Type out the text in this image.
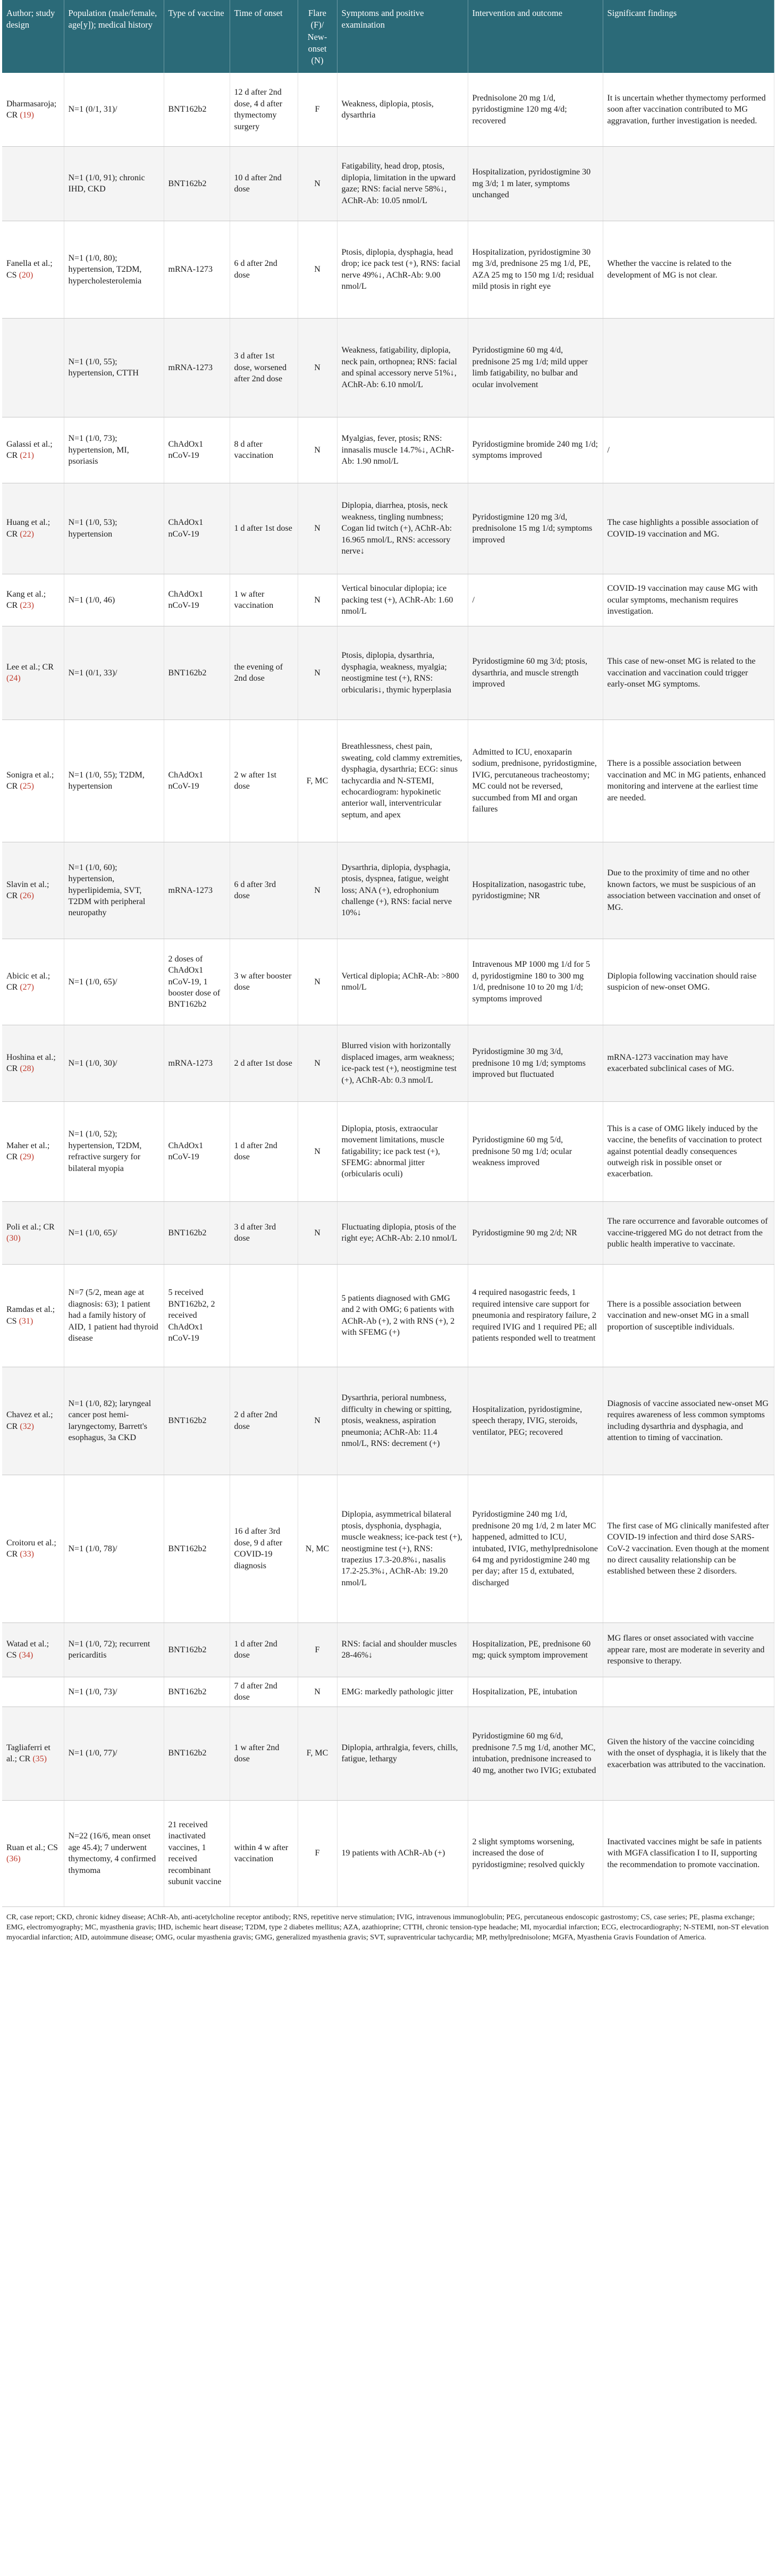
Author; study design	Population (male/female, age[y]); medical history	Type of vaccine	Time of onset	Flare (F)/ New-onset (N)	Symptoms and positive examination	Intervention and outcome	Significant findings
Dharmasaroja; CR (19)	N=1 (0/1, 31)/	BNT162b2	12 d after 2nd dose, 4 d after thymectomy surgery	F	Weakness, diplopia, ptosis, dysarthria	Prednisolone 20 mg 1/d, pyridostigmine 120 mg 4/d; recovered	It is uncertain whether thymectomy performed soon after vaccination contributed to MG aggravation, further investigation is needed.
	N=1 (1/0, 91); chronic IHD, CKD	BNT162b2	10 d after 2nd dose	N	Fatigability, head drop, ptosis, diplopia, limitation in the upward gaze; RNS: facial nerve 58%↓, AChR-Ab: 10.05 nmol/L	Hospitalization, pyridostigmine 30 mg 3/d; 1 m later, symptoms unchanged	
Fanella et al.; CS (20)	N=1 (1/0, 80); hypertension, T2DM, hypercholesterolemia	mRNA-1273	6 d after 2nd dose	N	Ptosis, diplopia, dysphagia, head drop; ice pack test (+), RNS: facial nerve 49%↓, AChR-Ab: 9.00 nmol/L	Hospitalization, pyridostigmine 30 mg 3/d, prednisone 25 mg 1/d, PE, AZA 25 mg to 150 mg 1/d; residual mild ptosis in right eye	Whether the vaccine is related to the development of MG is not clear.
	N=1 (1/0, 55); hypertension, CTTH	mRNA-1273	3 d after 1st dose, worsened after 2nd dose	N	Weakness, fatigability, diplopia, neck pain, orthopnea; RNS: facial and spinal accessory nerve 51%↓, AChR-Ab: 6.10 nmol/L	Pyridostigmine 60 mg 4/d, prednisone 25 mg 1/d; mild upper limb fatigability, no bulbar and ocular involvement	
Galassi et al.; CR (21)	N=1 (1/0, 73); hypertension, MI, psoriasis	ChAdOx1 nCoV-19	8 d after vaccination	N	Myalgias, fever, ptosis; RNS: innasalis muscle 14.7%↓, AChR-Ab: 1.90 nmol/L	Pyridostigmine bromide 240 mg 1/d; symptoms improved	/
Huang et al.; CR (22)	N=1 (1/0, 53); hypertension	ChAdOx1 nCoV-19	1 d after 1st dose	N	Diplopia, diarrhea, ptosis, neck weakness, tingling numbness; Cogan lid twitch (+), AChR-Ab: 16.965 nmol/L, RNS: accessory nerve↓	Pyridostigmine 120 mg 3/d, prednisolone 15 mg 1/d; symptoms improved	The case highlights a possible association of COVID-19 vaccination and MG.
Kang et al.; CR (23)	N=1 (1/0, 46)	ChAdOx1 nCoV-19	1 w after vaccination	N	Vertical binocular diplopia; ice packing test (+), AChR-Ab: 1.60 nmol/L	/	COVID-19 vaccination may cause MG with ocular symptoms, mechanism requires investigation.
Lee et al.; CR (24)	N=1 (0/1, 33)/	BNT162b2	the evening of 2nd dose	N	Ptosis, diplopia, dysarthria, dysphagia, weakness, myalgia; neostigmine test (+), RNS: orbicularis↓, thymic hyperplasia	Pyridostigmine 60 mg 3/d; ptosis, dysarthria, and muscle strength improved	This case of new-onset MG is related to the vaccination and vaccination could trigger early-onset MG symptoms.
Sonigra et al.; CR (25)	N=1 (1/0, 55); T2DM, hypertension	ChAdOx1 nCoV-19	2 w after 1st dose	F, MC	Breathlessness, chest pain, sweating, cold clammy extremities, dysphagia, dysarthria; ECG: sinus tachycardia and N-STEMI, echocardiogram: hypokinetic anterior wall, interventricular septum, and apex	Admitted to ICU, enoxaparin sodium, prednisone, pyridostigmine, IVIG, percutaneous tracheostomy; MC could not be reversed, succumbed from MI and organ failures	There is a possible association between vaccination and MC in MG patients, enhanced monitoring and intervene at the earliest time are needed.
Slavin et al.; CR (26)	N=1 (1/0, 60); hypertension, hyperlipidemia, SVT, T2DM with peripheral neuropathy	mRNA-1273	6 d after 3rd dose	N	Dysarthria, diplopia, dysphagia, ptosis, dyspnea, fatigue, weight loss; ANA (+), edrophonium challenge (+), RNS: facial nerve 10%↓	Hospitalization, nasogastric tube, pyridostigmine; NR	Due to the proximity of time and no other known factors, we must be suspicious of an association between vaccination and onset of MG.
Abicic et al.; CR (27)	N=1 (1/0, 65)/	2 doses of ChAdOx1 nCoV-19, 1 booster dose of BNT162b2	3 w after booster dose	N	Vertical diplopia; AChR-Ab: >800 nmol/L	Intravenous MP 1000 mg 1/d for 5 d, pyridostigmine 180 to 300 mg 1/d, prednisone 10 to 20 mg 1/d; symptoms improved	Diplopia following vaccination should raise suspicion of new-onset OMG.
Hoshina et al.; CR (28)	N=1 (1/0, 30)/	mRNA-1273	2 d after 1st dose	N	Blurred vision with horizontally displaced images, arm weakness; ice-pack test (+), neostigmine test (+), AChR-Ab: 0.3 nmol/L	Pyridostigmine 30 mg 3/d, prednisone 10 mg 1/d; symptoms improved but fluctuated	mRNA-1273 vaccination may have exacerbated subclinical cases of MG.
Maher et al.; CR (29)	N=1 (1/0, 52); hypertension, T2DM, refractive surgery for bilateral myopia	ChAdOx1 nCoV-19	1 d after 2nd dose	N	Diplopia, ptosis, extraocular movement limitations, muscle fatigability; ice pack test (+), SFEMG: abnormal jitter (orbicularis oculi)	Pyridostigmine 60 mg 5/d, prednisone 50 mg 1/d; ocular weakness improved	This is a case of OMG likely induced by the vaccine, the benefits of vaccination to protect against potential deadly consequences outweigh risk in possible onset or exacerbation.
Poli et al.; CR (30)	N=1 (1/0, 65)/	BNT162b2	3 d after 3rd dose	N	Fluctuating diplopia, ptosis of the right eye; AChR-Ab: 2.10 nmol/L	Pyridostigmine 90 mg 2/d; NR	The rare occurrence and favorable outcomes of vaccine-triggered MG do not detract from the public health imperative to vaccinate.
Ramdas et al.; CS (31)	N=7 (5/2, mean age at diagnosis: 63); 1 patient had a family history of AID, 1 patient had thyroid disease	5 received BNT162b2, 2 received ChAdOx1 nCoV-19			5 patients diagnosed with GMG and 2 with OMG; 6 patients with AChR-Ab (+), 2 with RNS (+), 2 with SFEMG (+)	4 required nasogastric feeds, 1 required intensive care support for pneumonia and respiratory failure, 2 required IVIG and 1 required PE; all patients responded well to treatment	There is a possible association between vaccination and new-onset MG in a small proportion of susceptible individuals.
Chavez et al.; CR (32)	N=1 (1/0, 82); laryngeal cancer post hemi-laryngectomy, Barrett's esophagus, 3a CKD	BNT162b2	2 d after 2nd dose	N	Dysarthria, perioral numbness, difficulty in chewing or spitting, ptosis, weakness, aspiration pneumonia; AChR-Ab: 11.4 nmol/L, RNS: decrement (+)	Hospitalization, pyridostigmine, speech therapy, IVIG, steroids, ventilator, PEG; recovered	Diagnosis of vaccine associated new-onset MG requires awareness of less common symptoms including dysarthria and dysphagia, and attention to timing of vaccination.
Croitoru et al.; CR (33)	N=1 (1/0, 78)/	BNT162b2	16 d after 3rd dose, 9 d after COVID-19 diagnosis	N, MC	Diplopia, asymmetrical bilateral ptosis, dysphonia, dysphagia, muscle weakness; ice-pack test (+), neostigmine test (+), RNS: trapezius 17.3-20.8%↓, nasalis 17.2-25.3%↓, AChR-Ab: 19.20 nmol/L	Pyridostigmine 240 mg 1/d, prednisone 20 mg 1/d, 2 m later MC happened, admitted to ICU, intubated, IVIG, methylprednisolone 64 mg and pyridostigmine 240 mg per day; after 15 d, extubated, discharged	The first case of MG clinically manifested after COVID-19 infection and third dose SARS-CoV-2 vaccination. Even though at the moment no direct causality relationship can be established between these 2 disorders.
Watad et al.; CS (34)	N=1 (1/0, 72); recurrent pericarditis	BNT162b2	1 d after 2nd dose	F	RNS: facial and shoulder muscles 28-46%↓	Hospitalization, PE, prednisone 60 mg; quick symptom improvement	MG flares or onset associated with vaccine appear rare, most are moderate in severity and responsive to therapy.
	N=1 (1/0, 73)/	BNT162b2	7 d after 2nd dose	N	EMG: markedly pathologic jitter	Hospitalization, PE, intubation	
Tagliaferri et al.; CR (35)	N=1 (1/0, 77)/	BNT162b2	1 w after 2nd dose	F, MC	Diplopia, arthralgia, fevers, chills, fatigue, lethargy	Pyridostigmine 60 mg 6/d, prednisone 7.5 mg 1/d, another MC, intubation, prednisone increased to 40 mg, another two IVIG; extubated	Given the history of the vaccine coinciding with the onset of dysphagia, it is likely that the exacerbation was attributed to the vaccination.
Ruan et al.; CS (36)	N=22 (16/6, mean onset age 45.4); 7 underwent thymectomy, 4 confirmed thymoma	21 received inactivated vaccines, 1 received recombinant subunit vaccine	within 4 w after vaccination	F	19 patients with AChR-Ab (+)	2 slight symptoms worsening, increased the dose of pyridostigmine; resolved quickly	Inactivated vaccines might be safe in patients with MGFA classification I to II, supporting the recommendation to promote vaccination.
CR, case report; CKD, chronic kidney disease; AChR-Ab, anti-acetylcholine receptor antibody; RNS, repetitive nerve stimulation; IVIG, intravenous immunoglobulin; PEG, percutaneous endoscopic gastrostomy; CS, case series; PE, plasma exchange; EMG, electromyography; MC, myasthenia gravis; IHD, ischemic heart disease; T2DM, type 2 diabetes mellitus; AZA, azathioprine; CTTH, chronic tension-type headache; MI, myocardial infarction; ECG, electrocardiography; N-STEMI, non-ST elevation myocardial infarction; AID, autoimmune disease; OMG, ocular myasthenia gravis; GMG, generalized myasthenia gravis; SVT, supraventricular tachycardia; MP, methylprednisolone; MGFA, Myasthenia Gravis Foundation of America.
